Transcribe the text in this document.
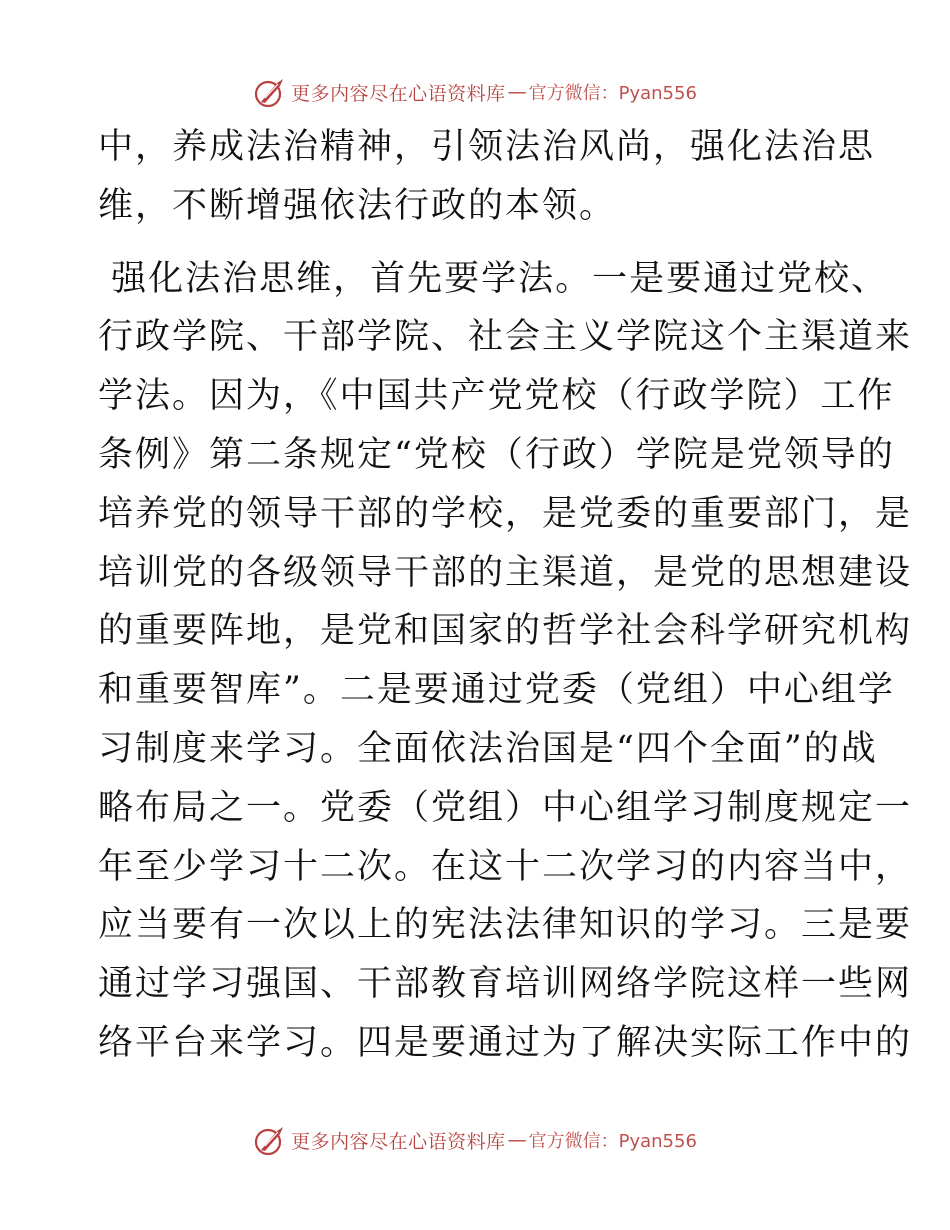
更多内容尽在心语资料库 — 官方微信：Pyan556
中，养成法治精神，引领法治风尚，强化法治思
维，不断增强依法行政的本领。
强化法治思维，首先要学法。一是要通过党校、
行政学院、干部学院、社会主义学院这个主渠道来
学法。因为，《中国共产党党校（行政学院）工作
条例》第二条规定“党校（行政）学院是党领导的
培养党的领导干部的学校，是党委的重要部门，是
培训党的各级领导干部的主渠道，是党的思想建设
的重要阵地，是党和国家的哲学社会科学研究机构
和重要智库”。二是要通过党委（党组）中心组学
习制度来学习。全面依法治国是“四个全面”的战
略布局之一。党委（党组）中心组学习制度规定一
年至少学习十二次。在这十二次学习的内容当中，
应当要有一次以上的宪法法律知识的学习。三是要
通过学习强国、干部教育培训网络学院这样一些网
络平台来学习。四是要通过为了解决实际工作中的
更多内容尽在心语资料库 — 官方微信：Pyan556
